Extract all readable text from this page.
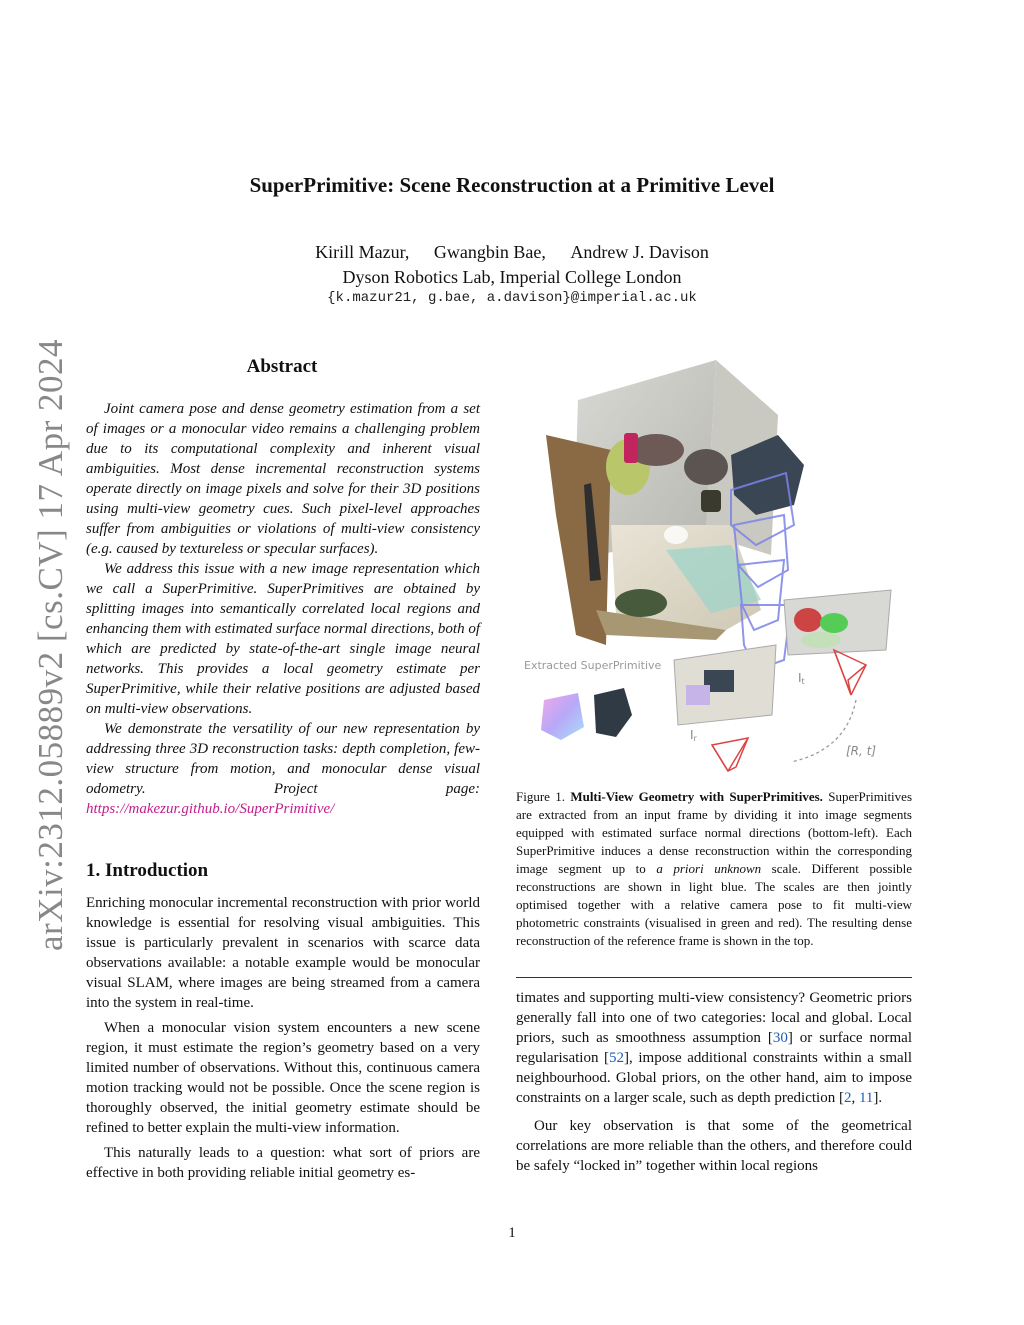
arXiv:2312.05889v2 [cs.CV] 17 Apr 2024
SuperPrimitive: Scene Reconstruction at a Primitive Level
Kirill Mazur, Gwangbin Bae, Andrew J. Davison
Dyson Robotics Lab, Imperial College London
{k.mazur21, g.bae, a.davison}@imperial.ac.uk
Abstract

Joint camera pose and dense geometry estimation from a set of images or a monocular video remains a challenging problem due to its computational complexity and inherent visual ambiguities. Most dense incremental reconstruction systems operate directly on image pixels and solve for their 3D positions using multi-view geometry cues. Such pixel-level approaches suffer from ambiguities or violations of multi-view consistency (e.g. caused by textureless or specular surfaces).

We address this issue with a new image representation which we call a SuperPrimitive. SuperPrimitives are obtained by splitting images into semantically correlated local regions and enhancing them with estimated surface normal directions, both of which are predicted by state-of-the-art single image neural networks. This provides a local geometry estimate per SuperPrimitive, while their relative positions are adjusted based on multi-view observations.

We demonstrate the versatility of our new representation by addressing three 3D reconstruction tasks: depth completion, few-view structure from motion, and monocular dense visual odometry.	Project page: https://makezur.github.io/SuperPrimitive/

1. Introduction

Enriching monocular incremental reconstruction with prior world knowledge is essential for resolving visual ambiguities. This issue is particularly prevalent in scenarios with scarce data observations available: a notable example would be monocular visual SLAM, where images are being streamed from a camera into the system in real-time.

When a monocular vision system encounters a new scene region, it must estimate the region’s geometry based on a very limited number of observations. Without this, continuous camera motion tracking would not be possible. Once the scene region is thoroughly observed, the initial geometry estimate should be refined to better explain the multi-view information.

This naturally leads to a question: what sort of priors are effective in both providing reliable initial geometry es-

It
Ir
[R, t]
Extracted SuperPrimitive
Figure 1. Multi-View Geometry with SuperPrimitives. SuperPrimitives are extracted from an input frame by dividing it into image segments equipped with estimated surface normal directions (bottom-left). Each SuperPrimitive induces a dense reconstruction within the corresponding image segment up to a priori unknown scale. Different possible reconstructions are shown in light blue. The scales are then jointly optimised together with a relative camera pose to fit multi-view photometric constraints (visualised in green and red). The resulting dense reconstruction of the reference frame is shown in the top.

timates and supporting multi-view consistency? Geometric priors generally fall into one of two categories: local and global. Local priors, such as smoothness assumption [30] or surface normal regularisation [52], impose additional constraints within a small neighbourhood. Global priors, on the other hand, aim to impose constraints on a larger scale, such as depth prediction [2, 11].

Our key observation is that some of the geometrical correlations are more reliable than the others, and therefore could be safely “locked in” together within local regions

1
